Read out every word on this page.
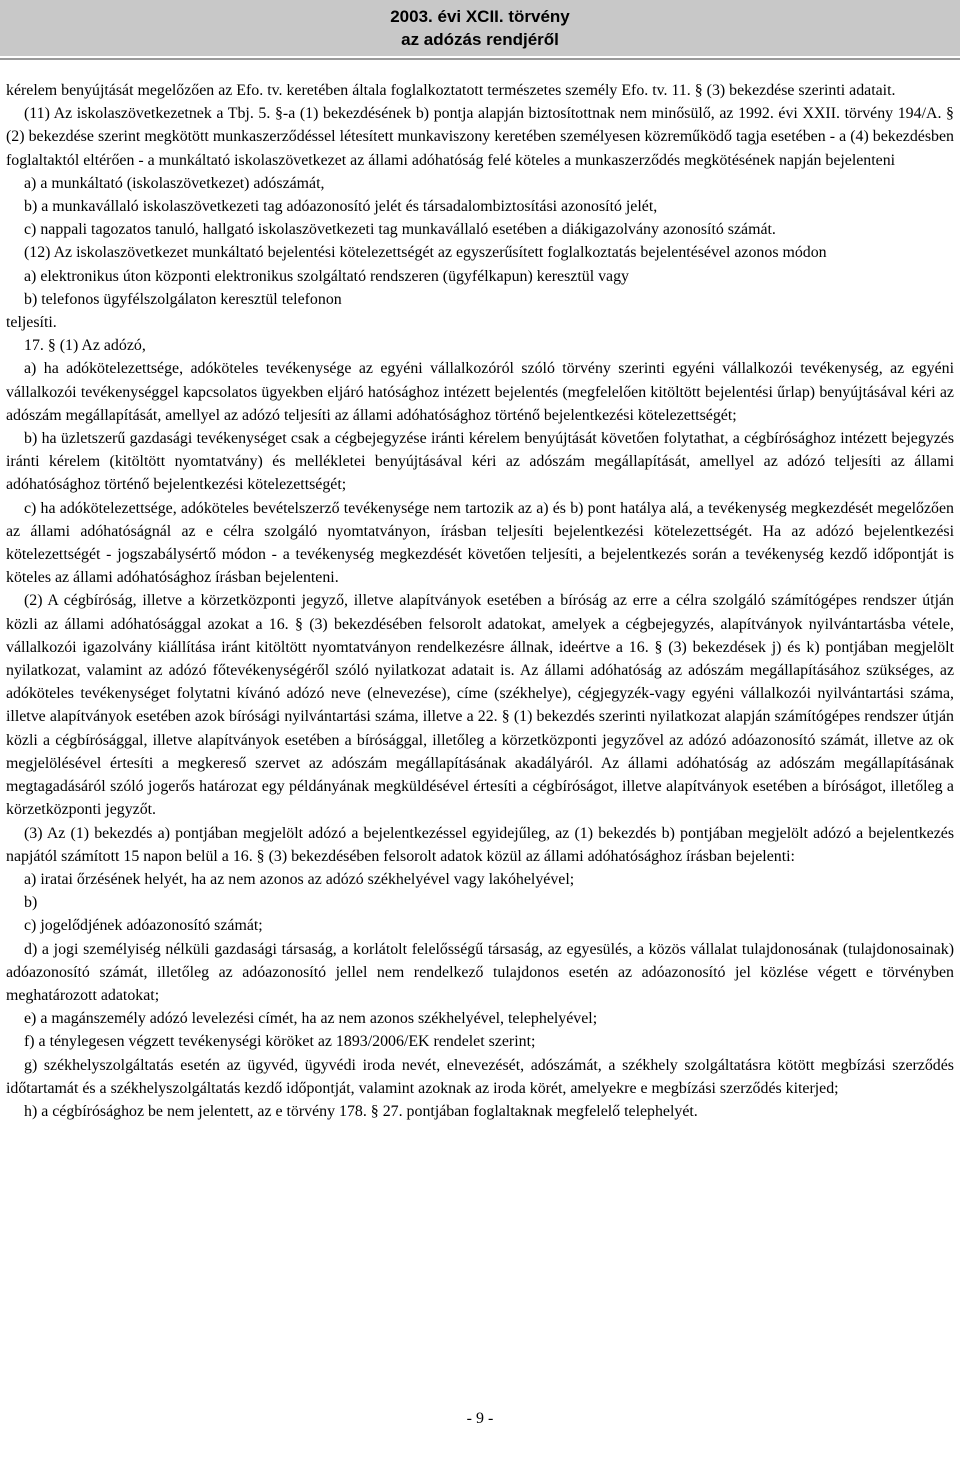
2003. évi XCII. törvény
az adózás rendjéről

kérelem benyújtását megelőzően az Efo. tv. keretében általa foglalkoztatott természetes személy Efo. tv. 11. § (3) bekezdése szerinti adatait.

(11) Az iskolaszövetkezetnek a Tbj. 5. §-a (1) bekezdésének b) pontja alapján biztosítottnak nem minősülő, az 1992. évi XXII. törvény 194/A. § (2) bekezdése szerint megkötött munkaszerződéssel létesített munkaviszony keretében személyesen közreműködő tagja esetében - a (4) bekezdésben foglaltaktól eltérően - a munkáltató iskolaszövetkezet az állami adóhatóság felé köteles a munkaszerződés megkötésének napján bejelenteni

a) a munkáltató (iskolaszövetkezet) adószámát,

b) a munkavállaló iskolaszövetkezeti tag adóazonosító jelét és társadalombiztosítási azonosító jelét,

c) nappali tagozatos tanuló, hallgató iskolaszövetkezeti tag munkavállaló esetében a diákigazolvány azonosító számát.

(12) Az iskolaszövetkezet munkáltató bejelentési kötelezettségét az egyszerűsített foglalkoztatás bejelentésével azonos módon

a) elektronikus úton központi elektronikus szolgáltató rendszeren (ügyfélkapun) keresztül vagy

b) telefonos ügyfélszolgálaton keresztül telefonon

teljesíti.

17. § (1) Az adózó,

a) ha adókötelezettsége, adóköteles tevékenysége az egyéni vállalkozóról szóló törvény szerinti egyéni vállalkozói tevékenység, az egyéni vállalkozói tevékenységgel kapcsolatos ügyekben eljáró hatósághoz intézett bejelentés (megfelelően kitöltött bejelentési űrlap) benyújtásával kéri az adószám megállapítását, amellyel az adózó teljesíti az állami adóhatósághoz történő bejelentkezési kötelezettségét;

b) ha üzletszerű gazdasági tevékenységet csak a cégbejegyzése iránti kérelem benyújtását követően folytathat, a cégbírósághoz intézett bejegyzés iránti kérelem (kitöltött nyomtatvány) és mellékletei benyújtásával kéri az adószám megállapítását, amellyel az adózó teljesíti az állami adóhatósághoz történő bejelentkezési kötelezettségét;

c) ha adókötelezettsége, adóköteles bevételszerző tevékenysége nem tartozik az a) és b) pont hatálya alá, a tevékenység megkezdését megelőzően az állami adóhatóságnál az e célra szolgáló nyomtatványon, írásban teljesíti bejelentkezési kötelezettségét. Ha az adózó bejelentkezési kötelezettségét - jogszabálysértő módon - a tevékenység megkezdését követően teljesíti, a bejelentkezés során a tevékenység kezdő időpontját is köteles az állami adóhatósághoz írásban bejelenteni.

(2) A cégbíróság, illetve a körzetközponti jegyző, illetve alapítványok esetében a bíróság az erre a célra szolgáló számítógépes rendszer útján közli az állami adóhatósággal azokat a 16. § (3) bekezdésében felsorolt adatokat, amelyek a cégbejegyzés, alapítványok nyilvántartásba vétele, vállalkozói igazolvány kiállítása iránt kitöltött nyomtatványon rendelkezésre állnak, ideértve a 16. § (3) bekezdések j) és k) pontjában megjelölt nyilatkozat, valamint az adózó főtevékenységéről szóló nyilatkozat adatait is. Az állami adóhatóság az adószám megállapításához szükséges, az adóköteles tevékenységet folytatni kívánó adózó neve (elnevezése), címe (székhelye), cégjegyzék-vagy egyéni vállalkozói nyilvántartási száma, illetve alapítványok esetében azok bírósági nyilvántartási száma, illetve a 22. § (1) bekezdés szerinti nyilatkozat alapján számítógépes rendszer útján közli a cégbírósággal, illetve alapítványok esetében a bírósággal, illetőleg a körzetközponti jegyzővel az adózó adóazonosító számát, illetve az ok megjelölésével értesíti a megkereső szervet az adószám megállapításának akadályáról. Az állami adóhatóság az adószám megállapításának megtagadásáról szóló jogerős határozat egy példányának megküldésével értesíti a cégbíróságot, illetve alapítványok esetében a bíróságot, illetőleg a körzetközponti jegyzőt.

(3) Az (1) bekezdés a) pontjában megjelölt adózó a bejelentkezéssel egyidejűleg, az (1) bekezdés b) pontjában megjelölt adózó a bejelentkezés napjától számított 15 napon belül a 16. § (3) bekezdésében felsorolt adatok közül az állami adóhatósághoz írásban bejelenti:

a) iratai őrzésének helyét, ha az nem azonos az adózó székhelyével vagy lakóhelyével;

b)

c) jogelődjének adóazonosító számát;

d) a jogi személyiség nélküli gazdasági társaság, a korlátolt felelősségű társaság, az egyesülés, a közös vállalat tulajdonosának (tulajdonosainak) adóazonosító számát, illetőleg az adóazonosító jellel nem rendelkező tulajdonos esetén az adóazonosító jel közlése végett e törvényben meghatározott adatokat;

e) a magánszemély adózó levelezési címét, ha az nem azonos székhelyével, telephelyével;

f) a ténylegesen végzett tevékenységi köröket az 1893/2006/EK rendelet szerint;

g) székhelyszolgáltatás esetén az ügyvéd, ügyvédi iroda nevét, elnevezését, adószámát, a székhely szolgáltatásra kötött megbízási szerződés időtartamát és a székhelyszolgáltatás kezdő időpontját, valamint azoknak az iroda körét, amelyekre e megbízási szerződés kiterjed;

h) a cégbírósághoz be nem jelentett, az e törvény 178. § 27. pontjában foglaltaknak megfelelő telephelyét.

- 9 -
